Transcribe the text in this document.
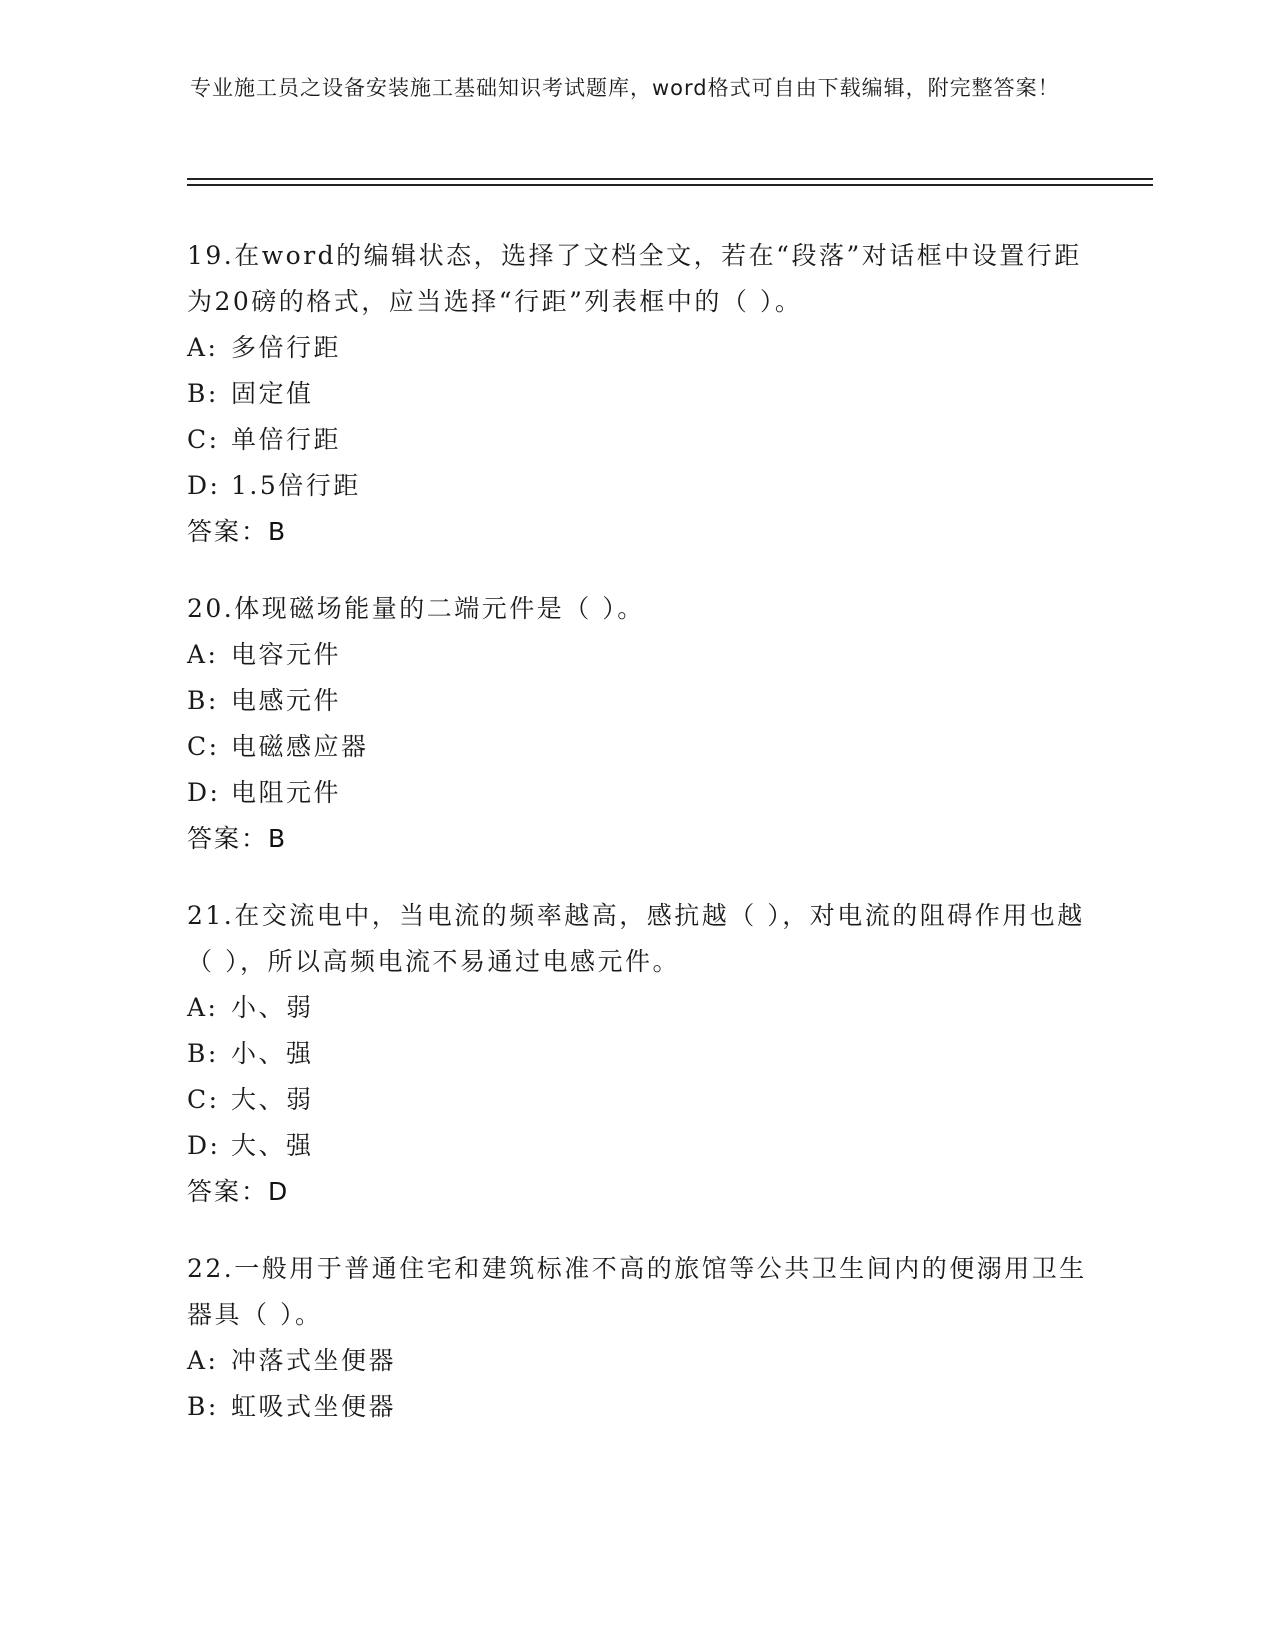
专业施工员之设备安装施工基础知识考试题库，word格式可自由下载编辑，附完整答案！

19.在word的编辑状态，选择了文档全文，若在“段落”对话框中设置行距为20磅的格式，应当选择“行距”列表框中的（ ）。

A: 多倍行距

B: 固定值

C: 单倍行距

D: 1.5倍行距

答案：B

20.体现磁场能量的二端元件是（ ）。

A: 电容元件

B: 电感元件

C: 电磁感应器

D: 电阻元件

答案：B

21.在交流电中，当电流的频率越高，感抗越（ ），对电流的阻碍作用也越（ ），所以高频电流不易通过电感元件。

A: 小、弱

B: 小、强

C: 大、弱

D: 大、强

答案：D

22.一般用于普通住宅和建筑标准不高的旅馆等公共卫生间内的便溺用卫生器具（ ）。

A: 冲落式坐便器

B: 虹吸式坐便器
